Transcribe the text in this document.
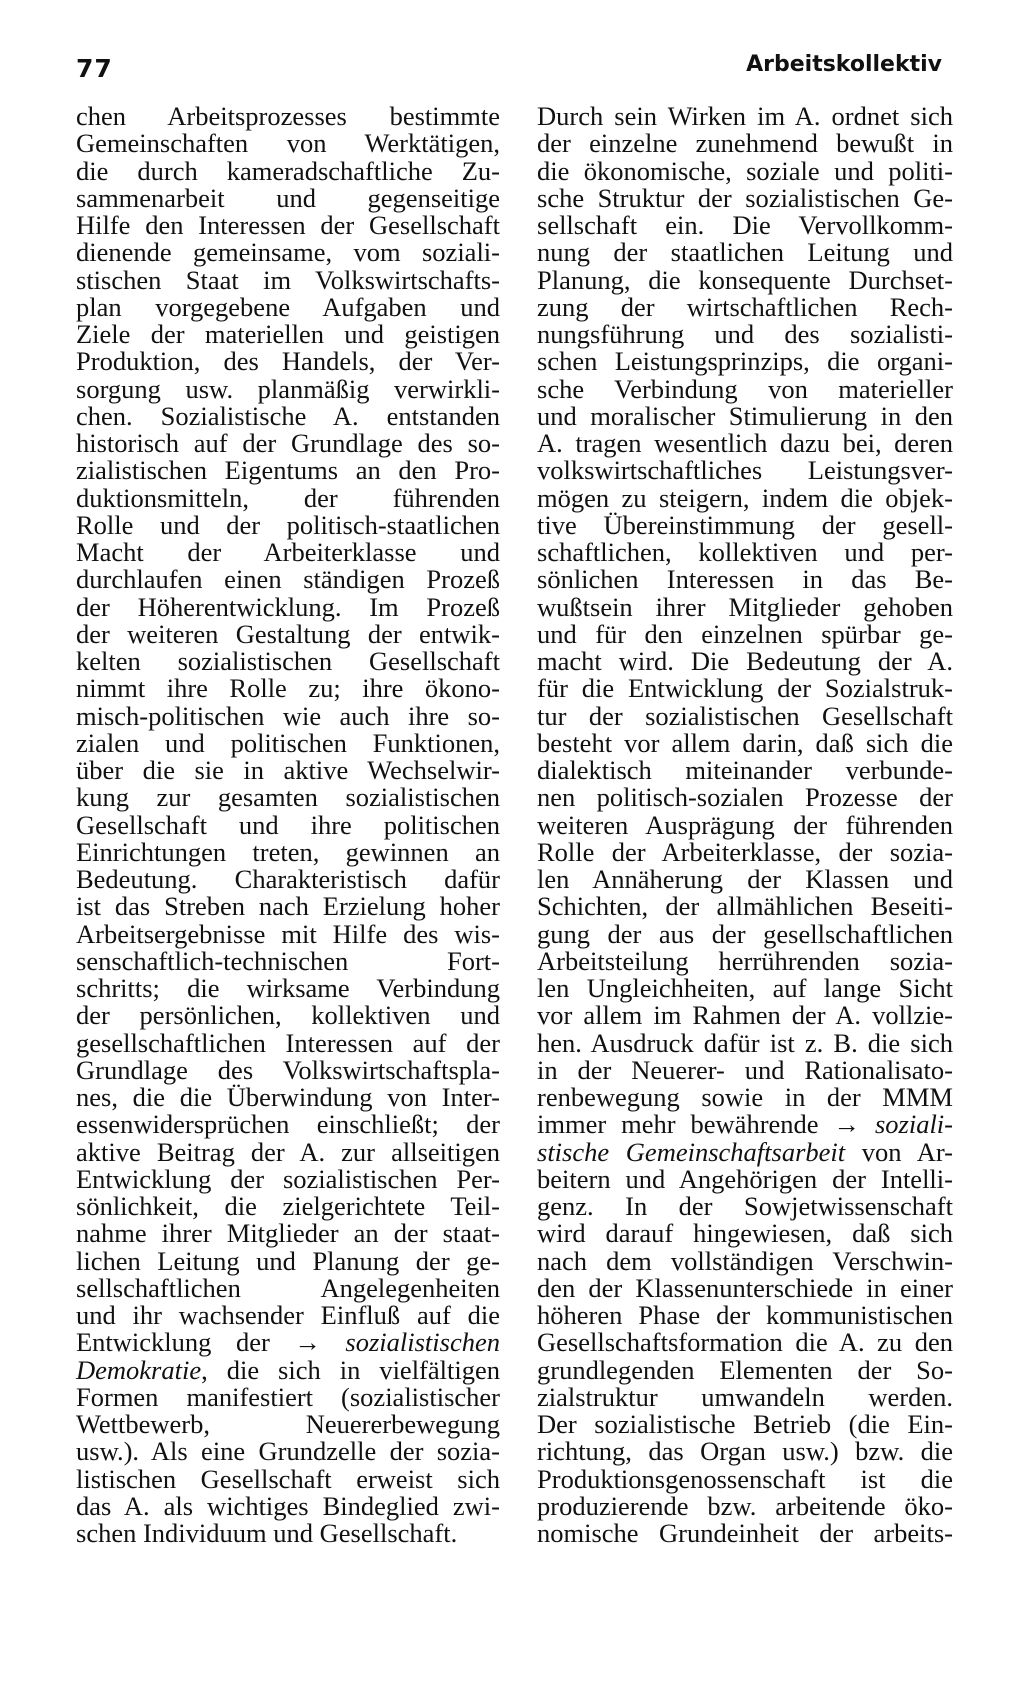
77	Arbeitskollektiv
chen Arbeitsprozesses bestimmte
Gemeinschaften von Werktätigen,
die durch kameradschaftliche Zu-
sammenarbeit und gegenseitige
Hilfe den Interessen der Gesellschaft
dienende gemeinsame, vom soziali-
stischen Staat im Volkswirtschafts-
plan vorgegebene Aufgaben und
Ziele der materiellen und geistigen
Produktion, des Handels, der Ver-
sorgung usw. planmäßig verwirkli-
chen. Sozialistische A. entstanden
historisch auf der Grundlage des so-
zialistischen Eigentums an den Pro-
duktionsmitteln, der führenden
Rolle und der politisch-staatlichen
Macht der Arbeiterklasse und
durchlaufen einen ständigen Prozeß
der Höherentwicklung. Im Prozeß
der weiteren Gestaltung der entwik-
kelten sozialistischen Gesellschaft
nimmt ihre Rolle zu; ihre ökono-
misch-politischen wie auch ihre so-
zialen und politischen Funktionen,
über die sie in aktive Wechselwir-
kung zur gesamten sozialistischen
Gesellschaft und ihre politischen
Einrichtungen treten, gewinnen an
Bedeutung. Charakteristisch dafür
ist das Streben nach Erzielung hoher
Arbeitsergebnisse mit Hilfe des wis-
senschaftlich-technischen Fort-
schritts; die wirksame Verbindung
der persönlichen, kollektiven und
gesellschaftlichen Interessen auf der
Grundlage des Volkswirtschaftspla-
nes, die die Überwindung von Inter-
essenwidersprüchen einschließt; der
aktive Beitrag der A. zur allseitigen
Entwicklung der sozialistischen Per-
sönlichkeit, die zielgerichtete Teil-
nahme ihrer Mitglieder an der staat-
lichen Leitung und Planung der ge-
sellschaftlichen Angelegenheiten
und ihr wachsender Einfluß auf die
Entwicklung der → sozialistischen
Demokratie, die sich in vielfältigen
Formen manifestiert (sozialistischer
Wettbewerb, Neuererbewegung
usw.). Als eine Grundzelle der sozia-
listischen Gesellschaft erweist sich
das A. als wichtiges Bindeglied zwi-
schen Individuum und Gesellschaft.
Durch sein Wirken im A. ordnet sich
der einzelne zunehmend bewußt in
die ökonomische, soziale und politi-
sche Struktur der sozialistischen Ge-
sellschaft ein. Die Vervollkomm-
nung der staatlichen Leitung und
Planung, die konsequente Durchset-
zung der wirtschaftlichen Rech-
nungsführung und des sozialisti-
schen Leistungsprinzips, die organi-
sche Verbindung von materieller
und moralischer Stimulierung in den
A. tragen wesentlich dazu bei, deren
volkswirtschaftliches Leistungsver-
mögen zu steigern, indem die objek-
tive Übereinstimmung der gesell-
schaftlichen, kollektiven und per-
sönlichen Interessen in das Be-
wußtsein ihrer Mitglieder gehoben
und für den einzelnen spürbar ge-
macht wird. Die Bedeutung der A.
für die Entwicklung der Sozialstruk-
tur der sozialistischen Gesellschaft
besteht vor allem darin, daß sich die
dialektisch miteinander verbunde-
nen politisch-sozialen Prozesse der
weiteren Ausprägung der führenden
Rolle der Arbeiterklasse, der sozia-
len Annäherung der Klassen und
Schichten, der allmählichen Beseiti-
gung der aus der gesellschaftlichen
Arbeitsteilung herrührenden sozia-
len Ungleichheiten, auf lange Sicht
vor allem im Rahmen der A. vollzie-
hen. Ausdruck dafür ist z. B. die sich
in der Neuerer- und Rationalisato-
renbewegung sowie in der MMM
immer mehr bewährende → soziali-
stische Gemeinschaftsarbeit von Ar-
beitern und Angehörigen der Intelli-
genz. In der Sowjetwissenschaft
wird darauf hingewiesen, daß sich
nach dem vollständigen Verschwin-
den der Klassenunterschiede in einer
höheren Phase der kommunistischen
Gesellschaftsformation die A. zu den
grundlegenden Elementen der So-
zialstruktur umwandeln werden.
Der sozialistische Betrieb (die Ein-
richtung, das Organ usw.) bzw. die
Produktionsgenossenschaft ist die
produzierende bzw. arbeitende öko-
nomische Grundeinheit der arbeits-
